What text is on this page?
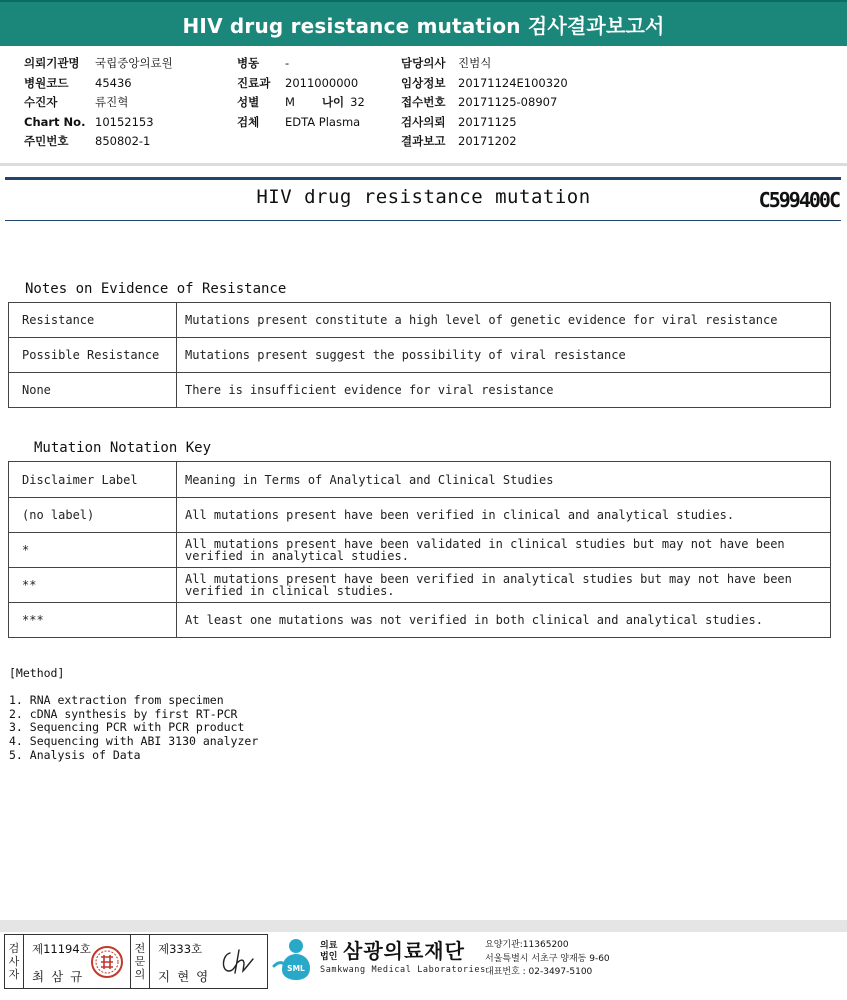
HIV drug resistance mutation 검사결과보고서
의뢰기관명	국립중앙의료원
병원코드	45436
수진자	류진혁
Chart No. 10152153
주민번호	850802-1
병동	-
진료과	2011000000
성별	M 나이 32
검체	EDTA Plasma
담당의사	진범식
임상정보	20171124E100320
접수번호	20171125-08907
검사의뢰	20171125
결과보고	20171202
HIV drug resistance mutation	C599400C
Notes on Evidence of Resistance
Resistance	Mutations present constitute a high level of genetic evidence for viral resistance
Possible Resistance	Mutations present suggest the possibility of viral resistance
None	There is insufficient evidence for viral resistance
Mutation Notation Key
Disclaimer Label	Meaning in Terms of Analytical and Clinical Studies
(no label)	All mutations present have been verified in clinical and analytical studies.
*	All mutations present have been validated in clinical studies but may not have been verified in analytical studies.
**	All mutations present have been verified in analytical studies but may not have been verified in clinical studies.
***	At least one mutations was not verified in both clinical and analytical studies.
[Method]
1. RNA extraction from specimen
2. cDNA synthesis by first RT-PCR
3. Sequencing PCR with PCR product
4. Sequencing with ABI 3130 analyzer
5. Analysis of Data
검
사
자
제11194호
최삼규
전
문
의
제333호
지현영
SML
의료
법인 삼광의료재단
Samkwang Medical Laboratories
요양기관:11365200
서울특별시 서초구 양재동 9-60
대표번호 : 02-3497-5100
